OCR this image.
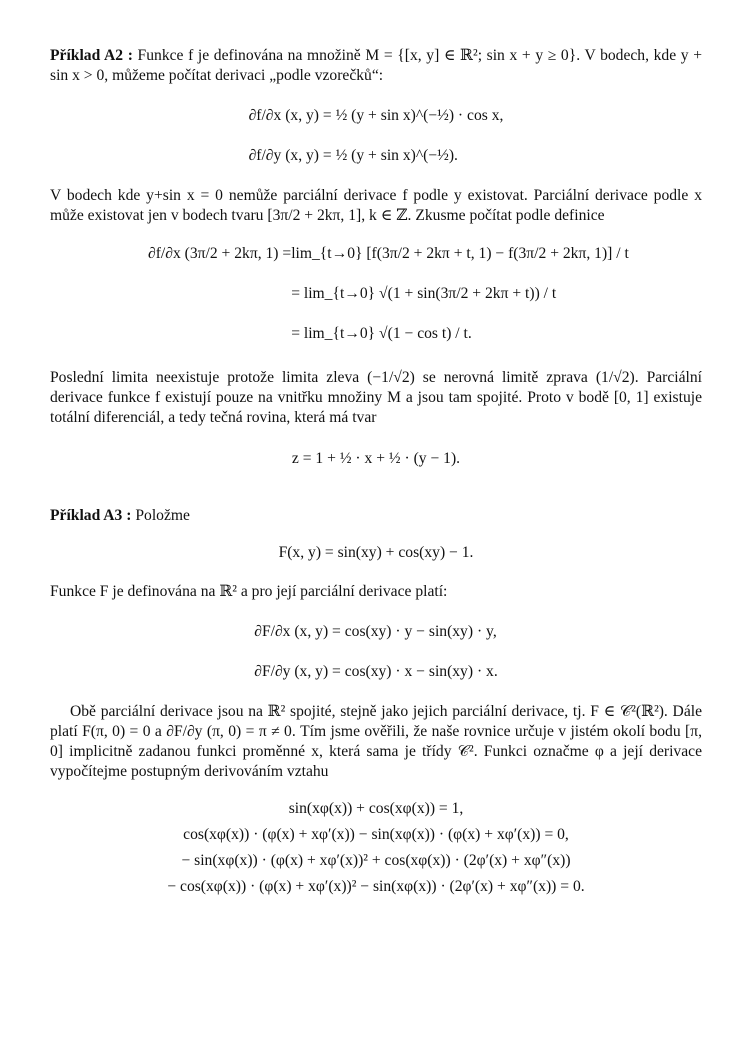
Příklad A2 : Funkce f je definována na množině M = {[x, y] ∈ ℝ²; sin x + y ≥ 0}. V bodech, kde y + sin x > 0, můžeme počítat derivaci „podle vzorečků“:

∂f/∂x (x, y) = ½ (y + sin x)^(−½) · cos x,
∂f/∂y (x, y) = ½ (y + sin x)^(−½).

V bodech kde y+sin x = 0 nemůže parciální derivace f podle y existovat. Parciální derivace podle x může existovat jen v bodech tvaru [3π/2 + 2kπ, 1], k ∈ ℤ. Zkusme počítat podle definice

∂f/∂x (3π/2 + 2kπ, 1) = lim_{t→0} [f(3π/2 + 2kπ + t, 1) − f(3π/2 + 2kπ, 1)] / t
= lim_{t→0} √(1 + sin(3π/2 + 2kπ + t)) / t
= lim_{t→0} √(1 − cos t) / t.

Poslední limita neexistuje protože limita zleva (−1/√2) se nerovná limitě zprava (1/√2). Parciální derivace funkce f existují pouze na vnitřku množiny M a jsou tam spojité. Proto v bodě [0, 1] existuje totální diferenciál, a tedy tečná rovina, která má tvar

z = 1 + ½ · x + ½ · (y − 1).

Příklad A3 : Položme

F(x, y) = sin(xy) + cos(xy) − 1.

Funkce F je definována na ℝ² a pro její parciální derivace platí:

∂F/∂x (x, y) = cos(xy) · y − sin(xy) · y,
∂F/∂y (x, y) = cos(xy) · x − sin(xy) · x.

Obě parciální derivace jsou na ℝ² spojité, stejně jako jejich parciální derivace, tj. F ∈ 𝒞²(ℝ²). Dále platí F(π, 0) = 0 a ∂F/∂y (π, 0) = π ≠ 0. Tím jsme ověřili, že naše rovnice určuje v jistém okolí bodu [π, 0] implicitně zadanou funkci proměnné x, která sama je třídy 𝒞². Funkci označme φ a její derivace vypočítejme postupným derivováním vztahu

sin(xφ(x)) + cos(xφ(x)) = 1,
cos(xφ(x)) · (φ(x) + xφ′(x)) − sin(xφ(x)) · (φ(x) + xφ′(x)) = 0,
− sin(xφ(x)) · (φ(x) + xφ′(x))² + cos(xφ(x)) · (2φ′(x) + xφ″(x))
− cos(xφ(x)) · (φ(x) + xφ′(x))² − sin(xφ(x)) · (2φ′(x) + xφ″(x)) = 0.
